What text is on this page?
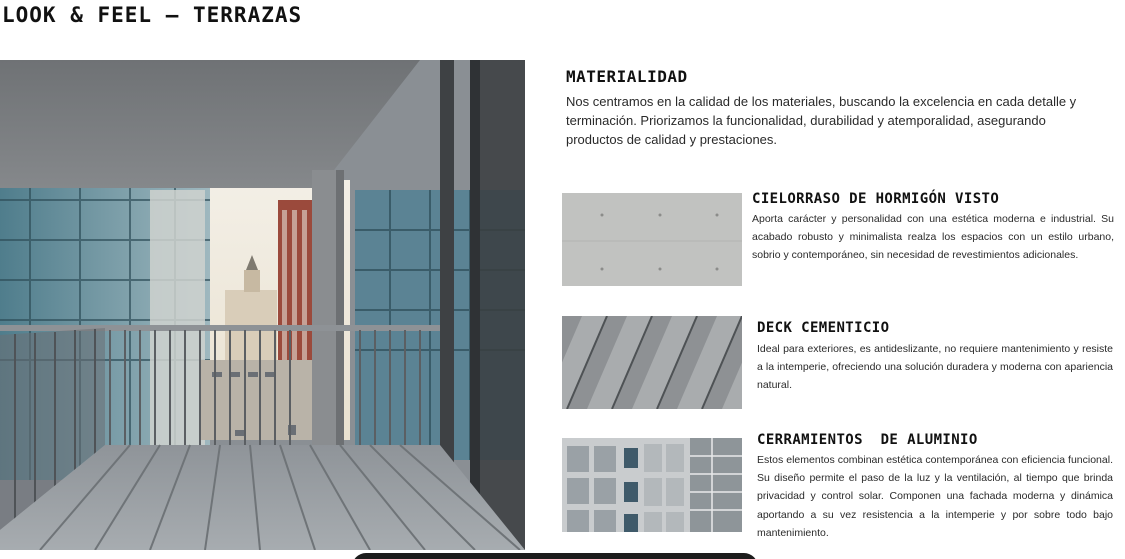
LOOK & FEEL — TERRAZAS
MATERIALIDAD

Nos centramos en la calidad de los materiales, buscando la excelencia en cada detalle y terminación. Priorizamos la funcionalidad, durabilidad y atemporalidad, asegurando productos de calidad y prestaciones.

CIELORRASO DE HORMIGÓN VISTO

Aporta carácter y personalidad con una estética moderna e industrial. Su acabado robusto y minimalista realza los espacios con un estilo urbano, sobrio y contemporáneo, sin necesidad de revestimientos adicionales.

DECK CEMENTICIO

Ideal para exteriores, es antideslizante, no requiere mantenimiento y resiste a la intemperie, ofreciendo una solución duradera y moderna con apariencia natural.

CERRAMIENTOS  DE ALUMINIO

Estos elementos combinan estética contemporánea con eficiencia funcional. Su diseño permite el paso de la luz y la ventilación, al tiempo que brinda privacidad y control solar. Componen una fachada moderna y dinámica aportando a su vez resistencia a la intemperie y por sobre todo bajo mantenimiento.
